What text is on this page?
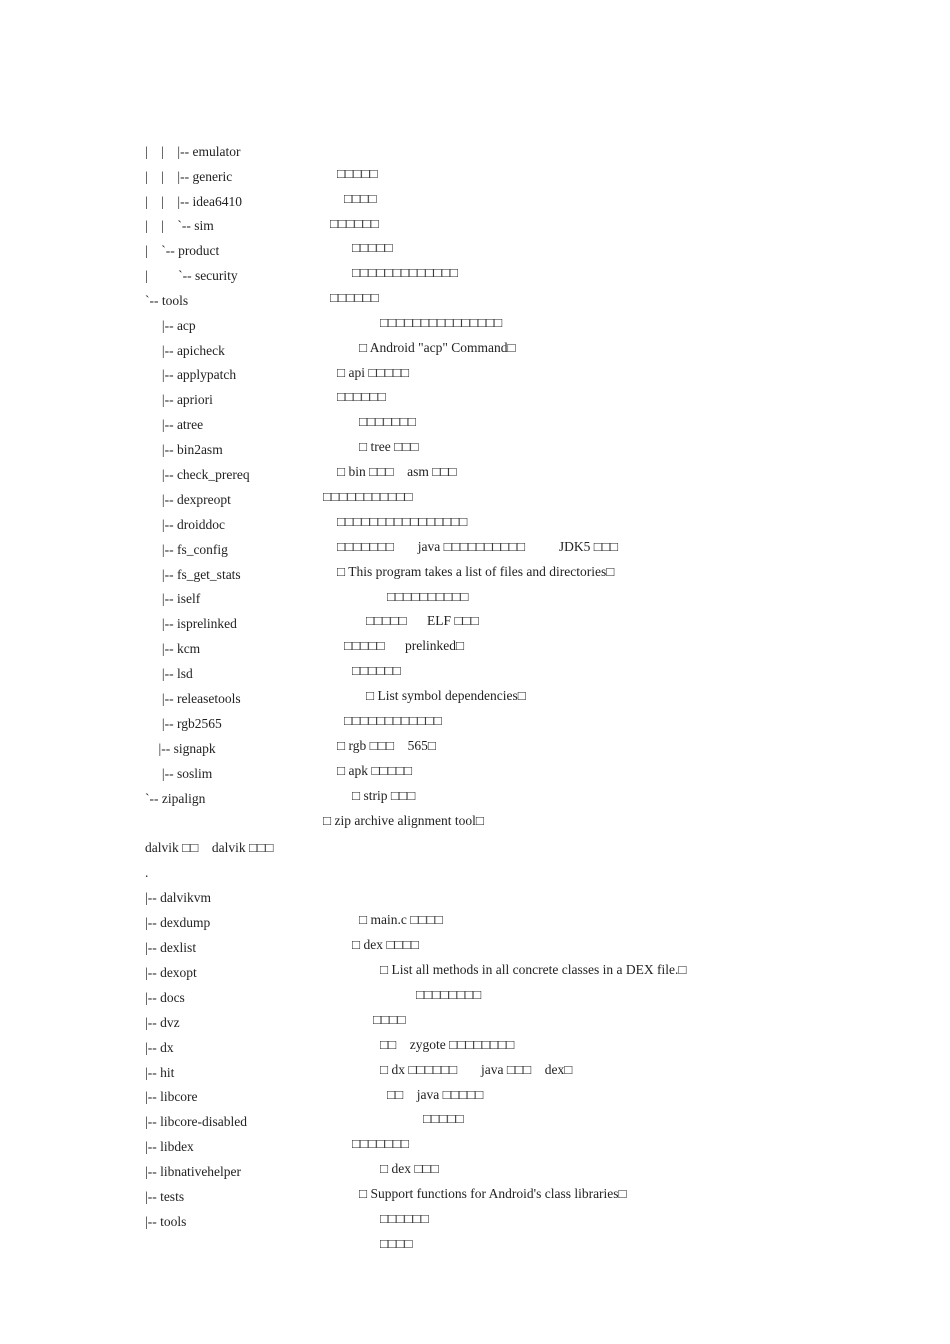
|    |    |-- emulator

□□□□□

|    |    |-- generic

□□□□

|    |    |-- idea6410

□□□□□□

|    |    `-- sim

□□□□□

|    `-- product

□□□□□□□□□□□□□

|         `-- security

□□□□□□

`-- tools

□□□□□□□□□□□□□□□

|-- acp

□ Android "acp" Command□

|-- apicheck

□ api □□□□□

|-- applypatch

□□□□□□

|-- apriori

□□□□□□□

|-- atree

□ tree □□□

|-- bin2asm

□ bin □□□    asm □□□

|-- check_prereq

□□□□□□□□□□□

|-- dexpreopt

□□□□□□□□□□□□□□□□

|-- droiddoc

□□□□□□□       java □□□□□□□□□□          JDK5 □□□

|-- fs_config

□ This program takes a list of files and directories□

|-- fs_get_stats

□□□□□□□□□□

|-- iself

□□□□□      ELF □□□

|-- isprelinked

□□□□□      prelinked□

|-- kcm

□□□□□□

|-- lsd

□ List symbol dependencies□

|-- releasetools

□□□□□□□□□□□□

|-- rgb2565

□ rgb □□□    565□

|-- signapk

□ apk □□□□□

|-- soslim

□ strip □□□

`-- zipalign

□ zip archive alignment tool□

dalvik □□    dalvik □□□

.

|-- dalvikvm

□ main.c □□□□

|-- dexdump

□ dex □□□□

|-- dexlist

□ List all methods in all concrete classes in a DEX file.□

|-- dexopt

□□□□□□□□

|-- docs

□□□□

|-- dvz

□□    zygote □□□□□□□□

|-- dx

□ dx □□□□□□       java □□□    dex□

|-- hit

□□    java □□□□□

|-- libcore

□□□□□

|-- libcore-disabled

□□□□□□□

|-- libdex

□ dex □□□

|-- libnativehelper

□ Support functions for Android's class libraries□

|-- tests

□□□□□□

|-- tools

□□□□
